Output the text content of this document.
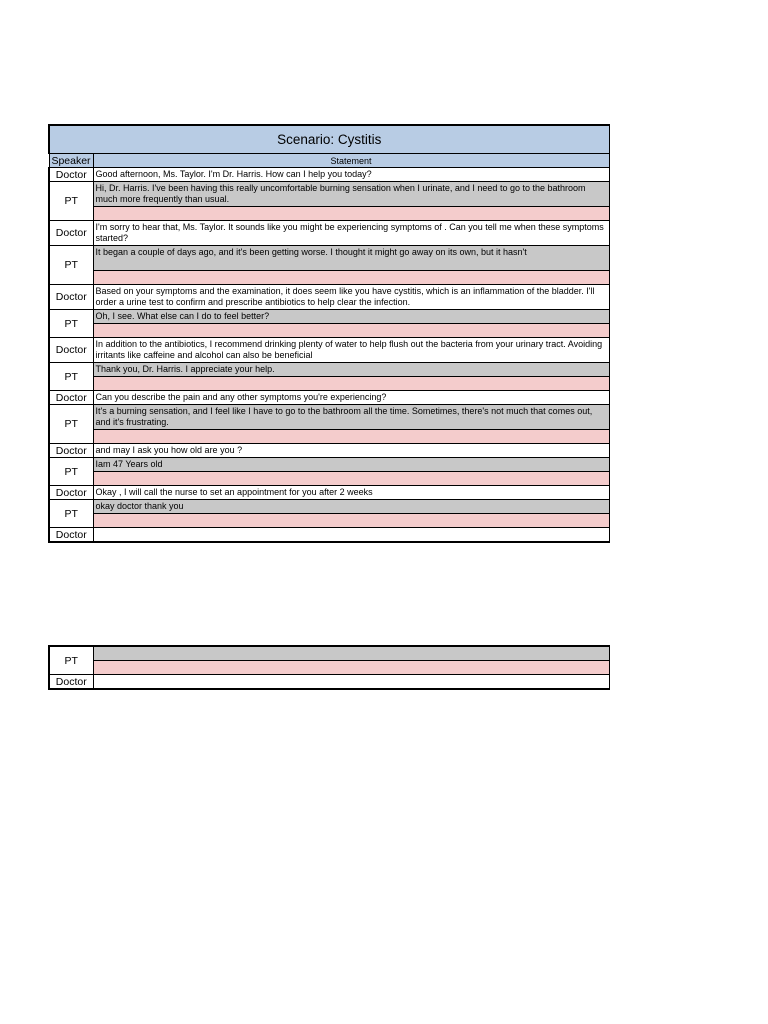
Scenario: Cystitis	
Speaker	Statement
Doctor	Good afternoon, Ms. Taylor. I'm Dr. Harris. How can I help you today?
PT	Hi, Dr. Harris. I've been having this really uncomfortable burning sensation when I urinate, and I need to go to the bathroom much more frequently than usual.

Doctor	I'm sorry to hear that, Ms. Taylor. It sounds like you might be experiencing symptoms of . Can you tell me when these symptoms started?
PT	It began a couple of days ago, and it's been getting worse. I thought it might go away on its own, but it hasn't

Doctor	Based on your symptoms and the examination, it does seem like you have cystitis, which is an inflammation of the bladder. I'll order a urine test to confirm and prescribe antibiotics to help clear the infection.
PT	Oh, I see. What else can I do to feel better?

Doctor	In addition to the antibiotics, I recommend drinking plenty of water to help flush out the bacteria from your urinary tract. Avoiding irritants like caffeine and alcohol can also be beneficial
PT	Thank you, Dr. Harris. I appreciate your help.

Doctor	Can you describe the pain and any other symptoms you're experiencing?
PT	It's a burning sensation, and I feel like I have to go to the bathroom all the time. Sometimes, there's not much that comes out, and it's frustrating.

Doctor	and may I ask you how old are you ?
PT	Iam 47 Years old

Doctor	Okay , I will call the nurse to set an appointment for you after 2 weeks
PT	okay doctor thank you

Doctor	
PT	

Doctor	
